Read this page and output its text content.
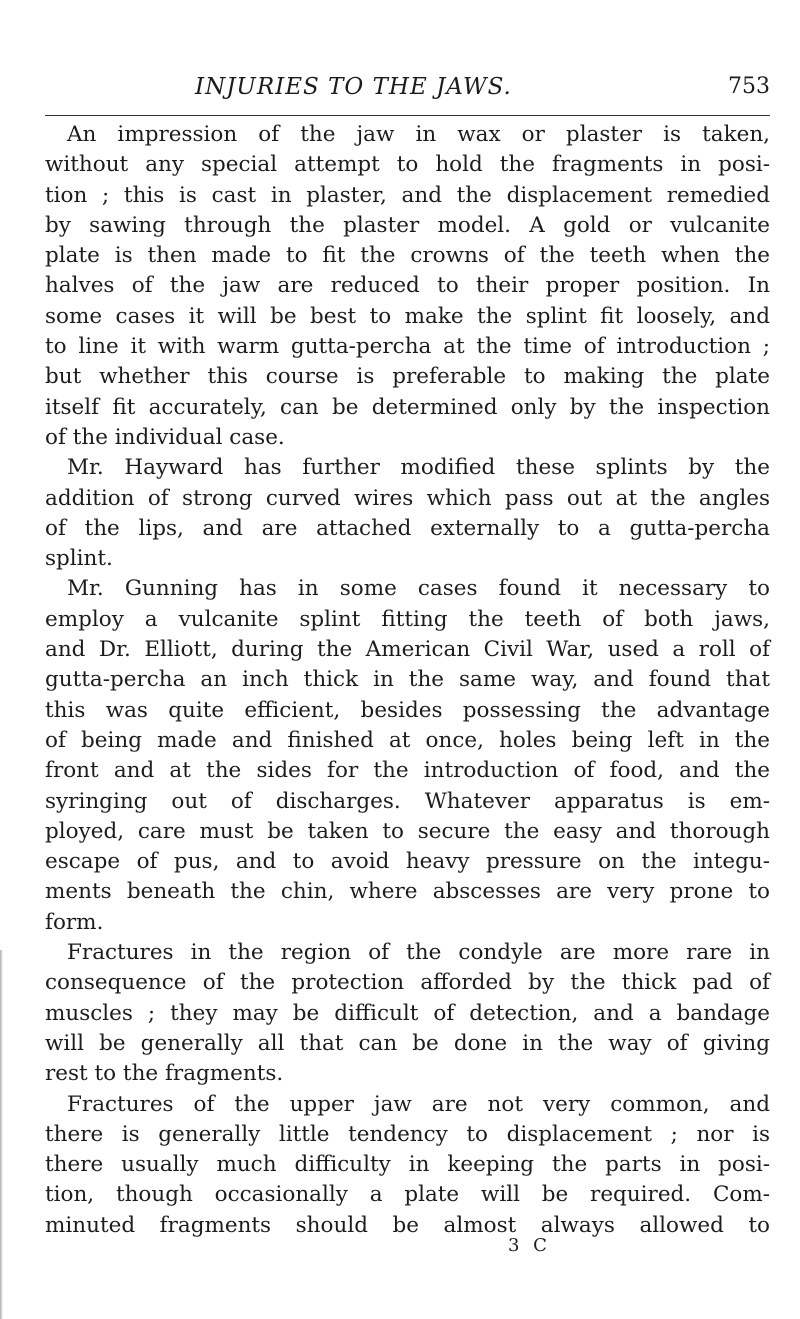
INJURIES TO THE JAWS.	753
An impression of the jaw in wax or plaster is taken,
without any special attempt to hold the fragments in posi-
tion ; this is cast in plaster, and the displacement remedied
by sawing through the plaster model. A gold or vulcanite
plate is then made to fit the crowns of the teeth when the
halves of the jaw are reduced to their proper position. In
some cases it will be best to make the splint fit loosely, and
to line it with warm gutta-percha at the time of introduction ;
but whether this course is preferable to making the plate
itself fit accurately, can be determined only by the inspection
of the individual case.
Mr. Hayward has further modified these splints by the
addition of strong curved wires which pass out at the angles
of the lips, and are attached externally to a gutta-percha
splint.
Mr. Gunning has in some cases found it necessary to
employ a vulcanite splint fitting the teeth of both jaws,
and Dr. Elliott, during the American Civil War, used a roll of
gutta-percha an inch thick in the same way, and found that
this was quite efficient, besides possessing the advantage
of being made and finished at once, holes being left in the
front and at the sides for the introduction of food, and the
syringing out of discharges. Whatever apparatus is em-
ployed, care must be taken to secure the easy and thorough
escape of pus, and to avoid heavy pressure on the integu-
ments beneath the chin, where abscesses are very prone to
form.
Fractures in the region of the condyle are more rare in
consequence of the protection afforded by the thick pad of
muscles ; they may be difficult of detection, and a bandage
will be generally all that can be done in the way of giving
rest to the fragments.
Fractures of the upper jaw are not very common, and
there is generally little tendency to displacement ; nor is
there usually much difficulty in keeping the parts in posi-
tion, though occasionally a plate will be required. Com-
minuted fragments should be almost always allowed to
3 C
